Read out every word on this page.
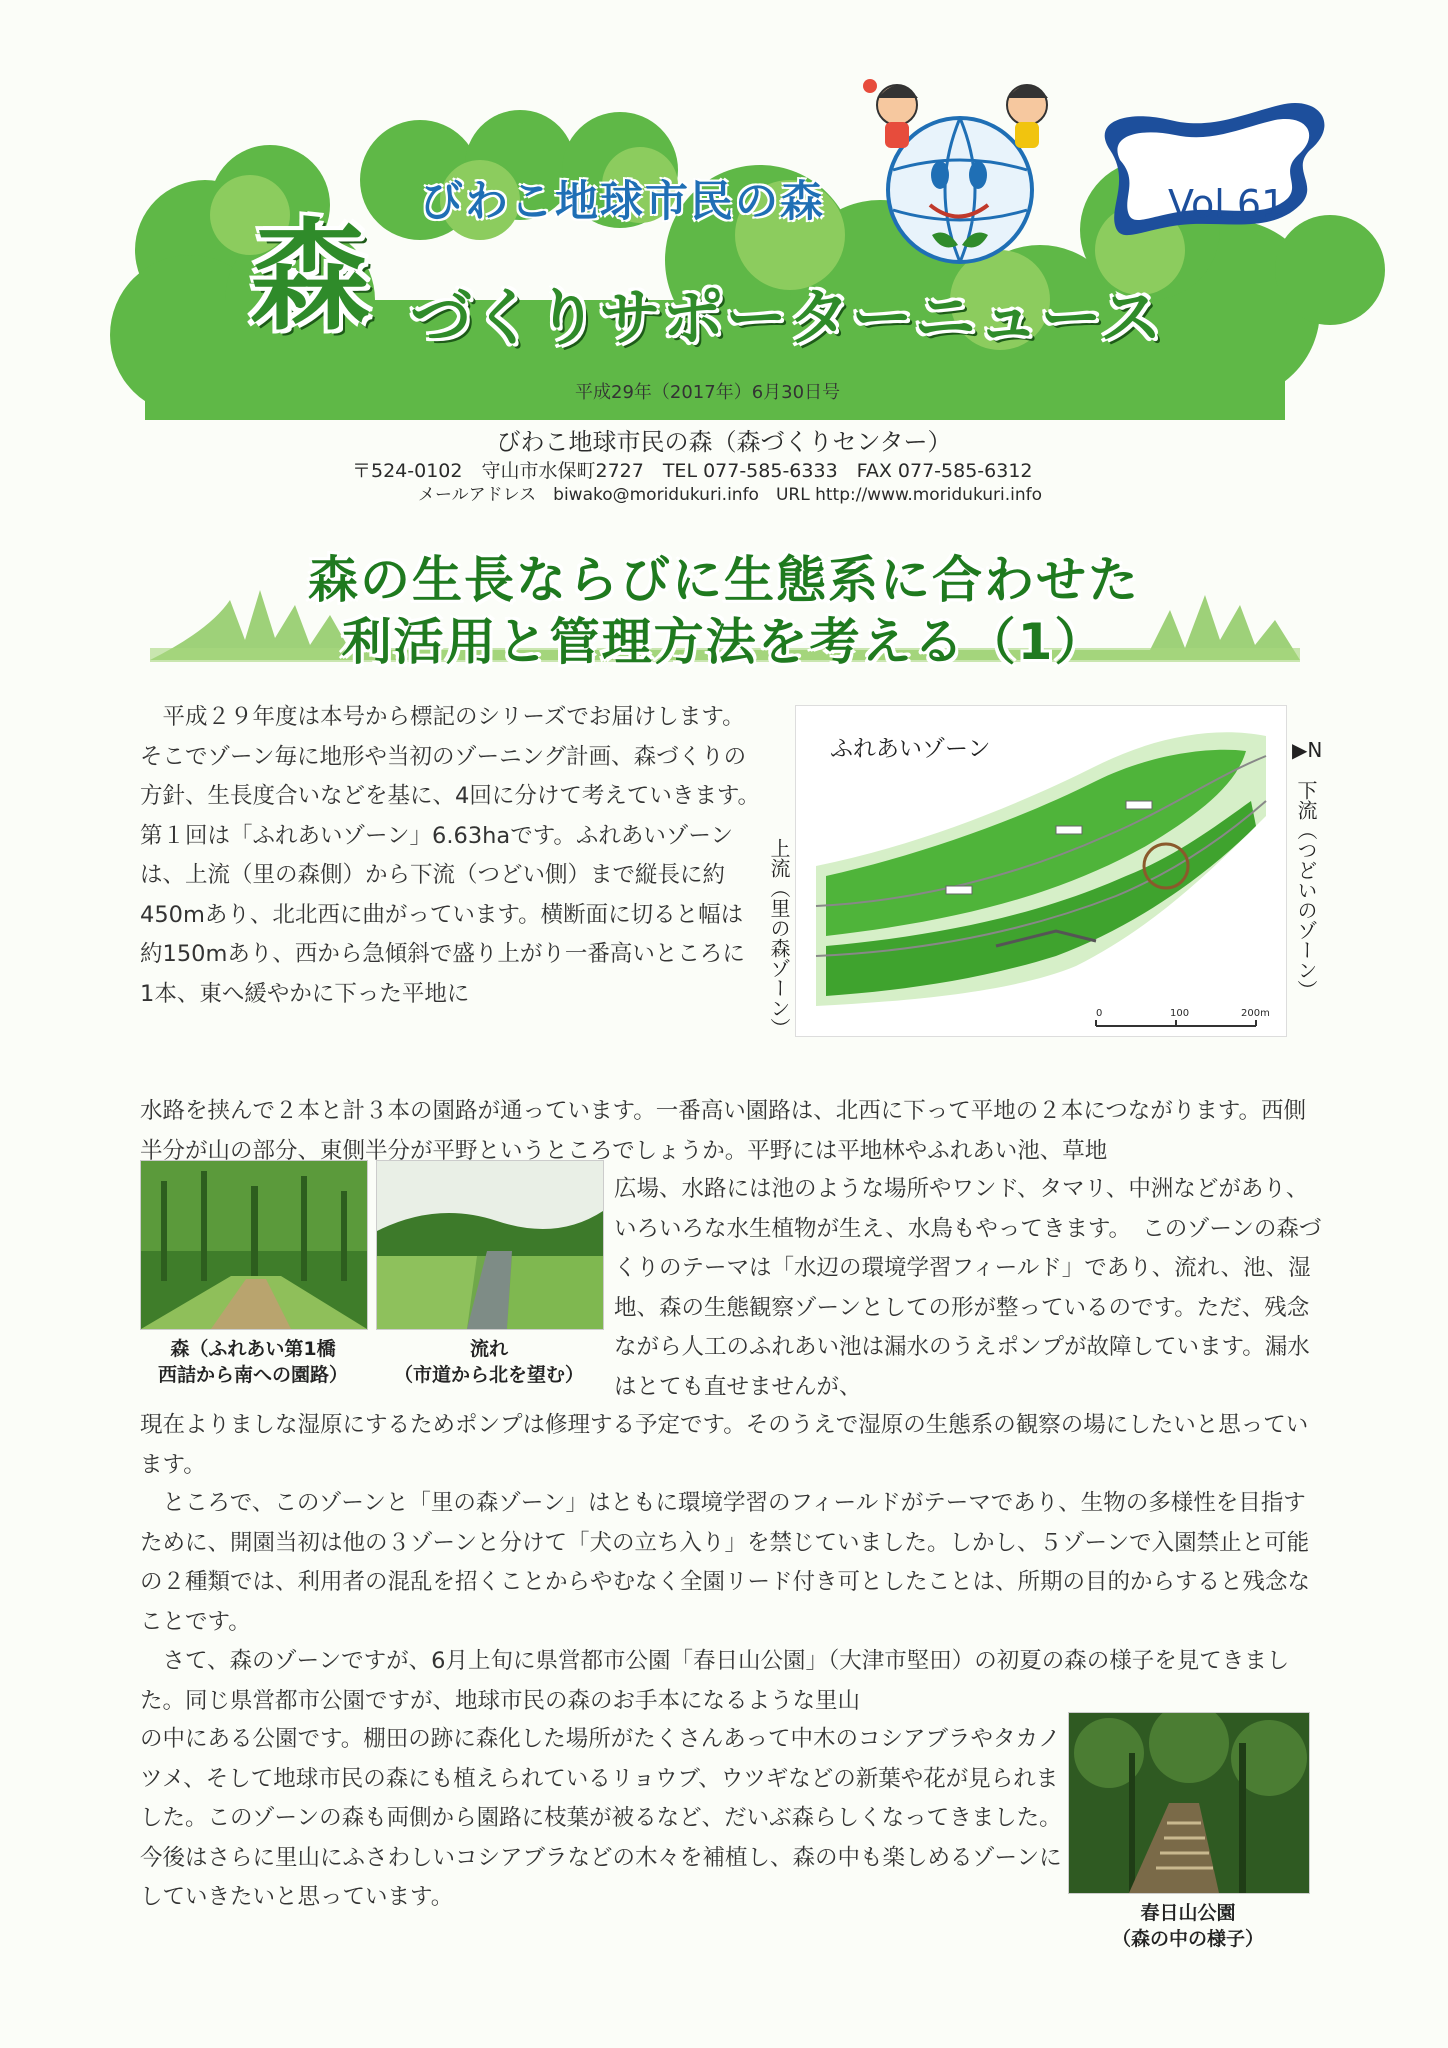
びわこ地球市民の森
森 づくりサポーターニュース
平成29年（2017年）6月30日号
Vol.61
びわこ地球市民の森（森づくりセンター）
〒524-0102　守山市水保町2727　TEL 077-585-6333　FAX 077-585-6312
メールアドレス　biwako@moridukuri.info　URL http://www.moridukuri.info
森の生長ならびに生態系に合わせた
利活用と管理方法を考える（1）
0	100	200m
ふれあいゾーン	▶N
下流（つどいのゾーン）
上流（里の森ゾーン）
森（ふれあい第1橋
西詰から南への園路）
流れ
（市道から北を望む）
春日山公園
（森の中の様子）

平成２９年度は本号から標記のシリーズでお届けします。そこでゾーン毎に地形や当初のゾーニング計画、森づくりの方針、生長度合いなどを基に、4回に分けて考えていきます。　第１回は「ふれあいゾーン」6.63haです。ふれあいゾーンは、上流（里の森側）から下流（つどい側）まで縦長に約450mあり、北北西に曲がっています。横断面に切ると幅は約150mあり、西から急傾斜で盛り上がり一番高いところに1本、東へ緩やかに下った平地に

水路を挟んで２本と計３本の園路が通っています。一番高い園路は、北西に下って平地の２本につながります。西側半分が山の部分、東側半分が平野というところでしょうか。平野には平地林やふれあい池、草地

広場、水路には池のような場所やワンド、タマリ、中洲などがあり、いろいろな水生植物が生え、水鳥もやってきます。　このゾーンの森づくりのテーマは「水辺の環境学習フィールド」であり、流れ、池、湿地、森の生態観察ゾーンとしての形が整っているのです。ただ、残念ながら人工のふれあい池は漏水のうえポンプが故障しています。漏水はとても直せませんが、

現在よりましな湿原にするためポンプは修理する予定です。そのうえで湿原の生態系の観察の場にしたいと思っています。

ところで、このゾーンと「里の森ゾーン」はともに環境学習のフィールドがテーマであり、生物の多様性を目指すために、開園当初は他の３ゾーンと分けて「犬の立ち入り」を禁じていました。しかし、５ゾーンで入園禁止と可能の２種類では、利用者の混乱を招くことからやむなく全園リード付き可としたことは、所期の目的からすると残念なことです。

さて、森のゾーンですが、6月上旬に県営都市公園「春日山公園」（大津市堅田）の初夏の森の様子を見てきました。同じ県営都市公園ですが、地球市民の森のお手本になるような里山

の中にある公園です。棚田の跡に森化した場所がたくさんあって中木のコシアブラやタカノツメ、そして地球市民の森にも植えられているリョウブ、ウツギなどの新葉や花が見られました。このゾーンの森も両側から園路に枝葉が被るなど、だいぶ森らしくなってきました。今後はさらに里山にふさわしいコシアブラなどの木々を補植し、森の中も楽しめるゾーンにしていきたいと思っています。
